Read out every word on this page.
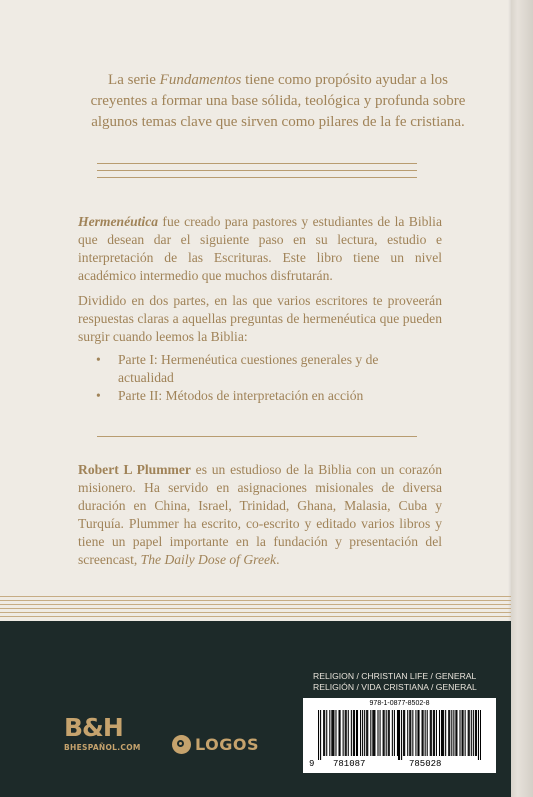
La serie Fundamentos tiene como propósito ayudar a los creyentes a formar una base sólida, teológica y profunda sobre algunos temas clave que sirven como pilares de la fe cristiana.

Hermenéutica fue creado para pastores y estudiantes de la Biblia que desean dar el siguiente paso en su lectura, estudio e interpretación de las Escrituras. Este libro tiene un nivel académico intermedio que muchos disfrutarán.

Dividido en dos partes, en las que varios escritores te proveerán respuestas claras a aquellas preguntas de hermenéutica que pueden surgir cuando leemos la Biblia:

• Parte I: Hermenéutica cuestiones generales y de actualidad
• Parte II: Métodos de interpretación en acción

Robert L Plummer es un estudioso de la Biblia con un corazón misionero. Ha servido en asignaciones misionales de diversa duración en China, Israel, Trinidad, Ghana, Malasia, Cuba y Turquía. Plummer ha escrito, co-escrito y editado varios libros y tiene un papel importante en la fundación y presentación del screencast, The Daily Dose of Greek.

B&H
BHESPAÑOL.COM	LOGOS
RELIGION / CHRISTIAN LIFE / GENERAL
RELIGIÓN / VIDA CRISTIANA / GENERAL
978-1-0877-8502-8
9 781087	785028
